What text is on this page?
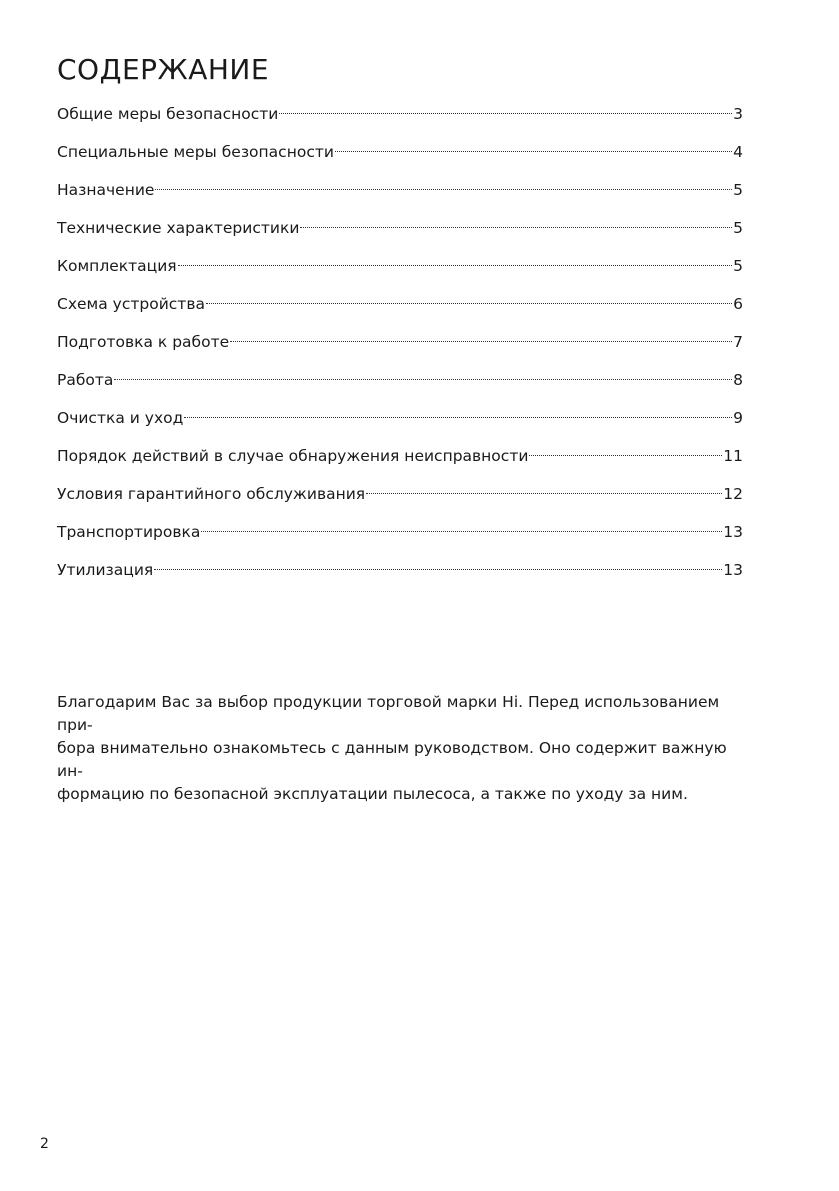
СОДЕРЖАНИЕ
Общие меры безопасности	3
Специальные меры безопасности	4
Назначение	5
Технические характеристики	5
Комплектация	5
Схема устройства	6
Подготовка к работе	7
Работа	8
Очистка и уход	9
Порядок действий в случае обнаружения неисправности	11
Условия гарантийного обслуживания	12
Транспортировка	13
Утилизация	13

Благодарим Вас за выбор продукции торговой марки Hi. Перед использованием при-
бора внимательно ознакомьтесь с данным руководством. Оно содержит важную ин-
формацию по безопасной эксплуатации пылесоса, а также по уходу за ним.

2
